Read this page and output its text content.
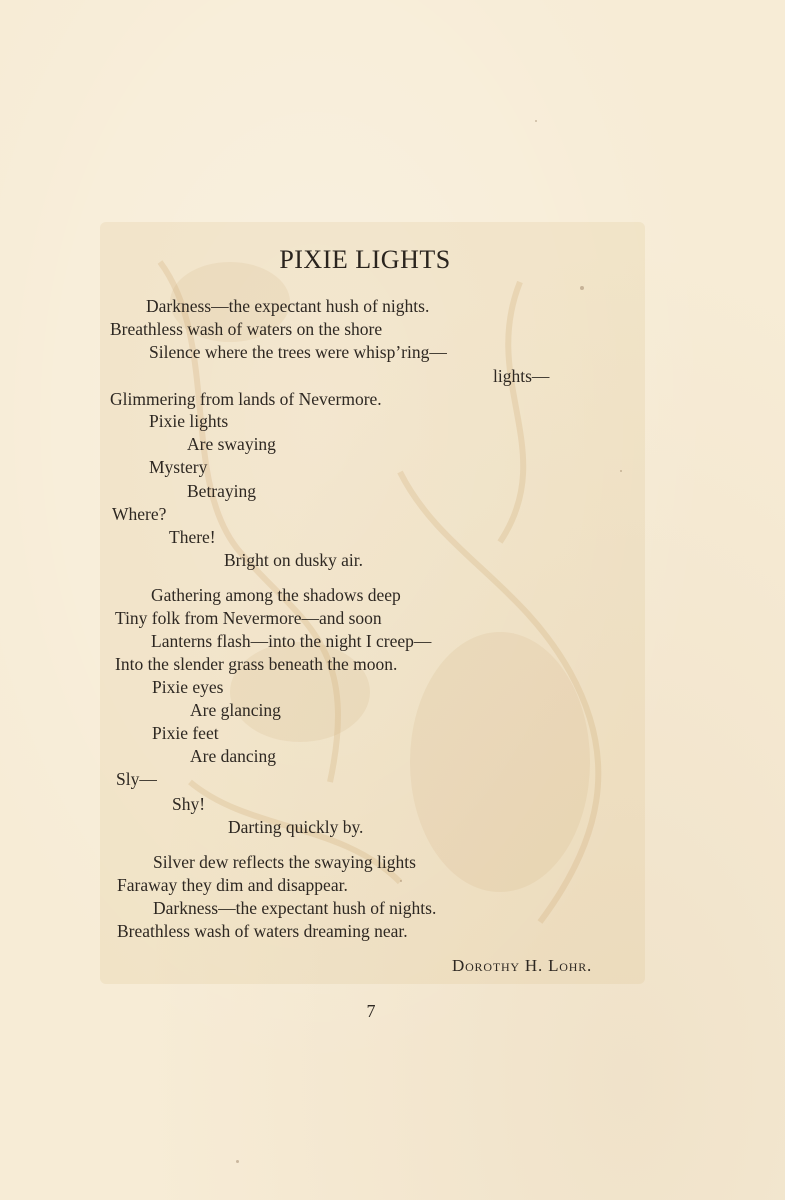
PIXIE LIGHTS
Darkness—the expectant hush of nights.
Breathless wash of waters on the shore
Silence where the trees were whisp’ring—
lights—
Glimmering from lands of Nevermore.
Pixie lights
Are swaying
Mystery
Betraying
Where?
There!
Bright on dusky air.
Gathering among the shadows deep
Tiny folk from Nevermore—and soon
Lanterns flash—into the night I creep—
Into the slender grass beneath the moon.
Pixie eyes
Are glancing
Pixie feet
Are dancing
Sly—
Shy!
Darting quickly by.
Silver dew reflects the swaying lights
Faraway they dim and disappear.
Darkness—the expectant hush of nights.
Breathless wash of waters dreaming near.
Dorothy H. Lohr.
7
